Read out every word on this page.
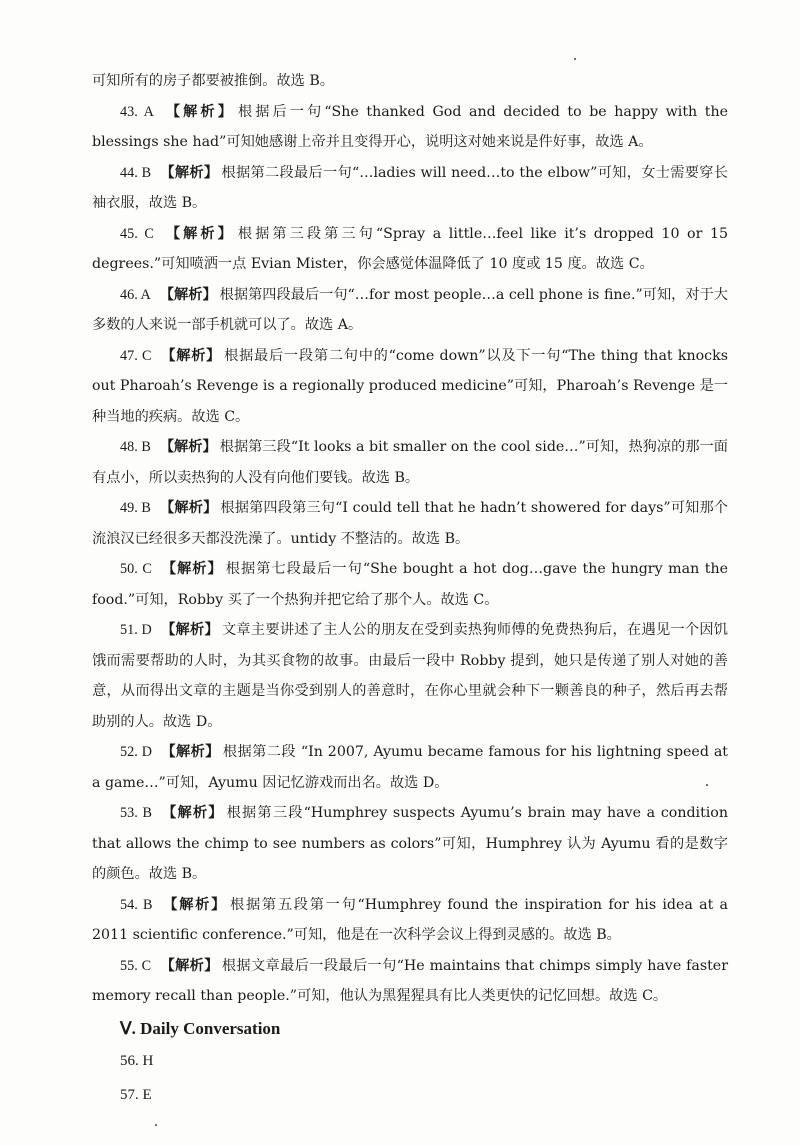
可知所有的房子都要被推倒。故选 B。

43. A 【解析】 根据后一句“She thanked God and decided to be happy with the blessings she had”可知她感谢上帝并且变得开心，说明这对她来说是件好事，故选 A。

44. B 【解析】 根据第二段最后一句“…ladies will need…to the elbow”可知，女士需要穿长袖衣服，故选 B。

45. C 【解析】 根据第三段第三句“Spray a little…feel like it’s dropped 10 or 15 degrees.”可知喷洒一点 Evian Mister，你会感觉体温降低了 10 度或 15 度。故选 C。

46. A 【解析】 根据第四段最后一句“…for most people…a cell phone is fine.”可知，对于大多数的人来说一部手机就可以了。故选 A。

47. C 【解析】 根据最后一段第二句中的“come down”以及下一句“The thing that knocks out Pharoah’s Revenge is a regionally produced medicine”可知，Pharoah’s Revenge 是一种当地的疾病。故选 C。

48. B 【解析】 根据第三段“It looks a bit smaller on the cool side…”可知，热狗凉的那一面有点小，所以卖热狗的人没有向他们要钱。故选 B。

49. B 【解析】 根据第四段第三句“I could tell that he hadn’t showered for days”可知那个流浪汉已经很多天都没洗澡了。untidy 不整洁的。故选 B。

50. C 【解析】 根据第七段最后一句“She bought a hot dog…gave the hungry man the food.”可知，Robby 买了一个热狗并把它给了那个人。故选 C。

51. D 【解析】 文章主要讲述了主人公的朋友在受到卖热狗师傅的免费热狗后，在遇见一个因饥饿而需要帮助的人时，为其买食物的故事。由最后一段中 Robby 提到，她只是传递了别人对她的善意，从而得出文章的主题是当你受到别人的善意时，在你心里就会种下一颗善良的种子，然后再去帮助别的人。故选 D。

52. D 【解析】 根据第二段 “In 2007, Ayumu became famous for his lightning speed at a game…”可知，Ayumu 因记忆游戏而出名。故选 D。

53. B 【解析】 根据第三段“Humphrey suspects Ayumu’s brain may have a condition that allows the chimp to see numbers as colors”可知，Humphrey 认为 Ayumu 看的是数字的颜色。故选 B。

54. B 【解析】 根据第五段第一句“Humphrey found the inspiration for his idea at a 2011 scientific conference.”可知，他是在一次科学会议上得到灵感的。故选 B。

55. C 【解析】 根据文章最后一段最后一句“He maintains that chimps simply have faster memory recall than people.”可知，他认为黑猩猩具有比人类更快的记忆回想。故选 C。

Ⅴ. Daily Conversation

56. H

57. E
